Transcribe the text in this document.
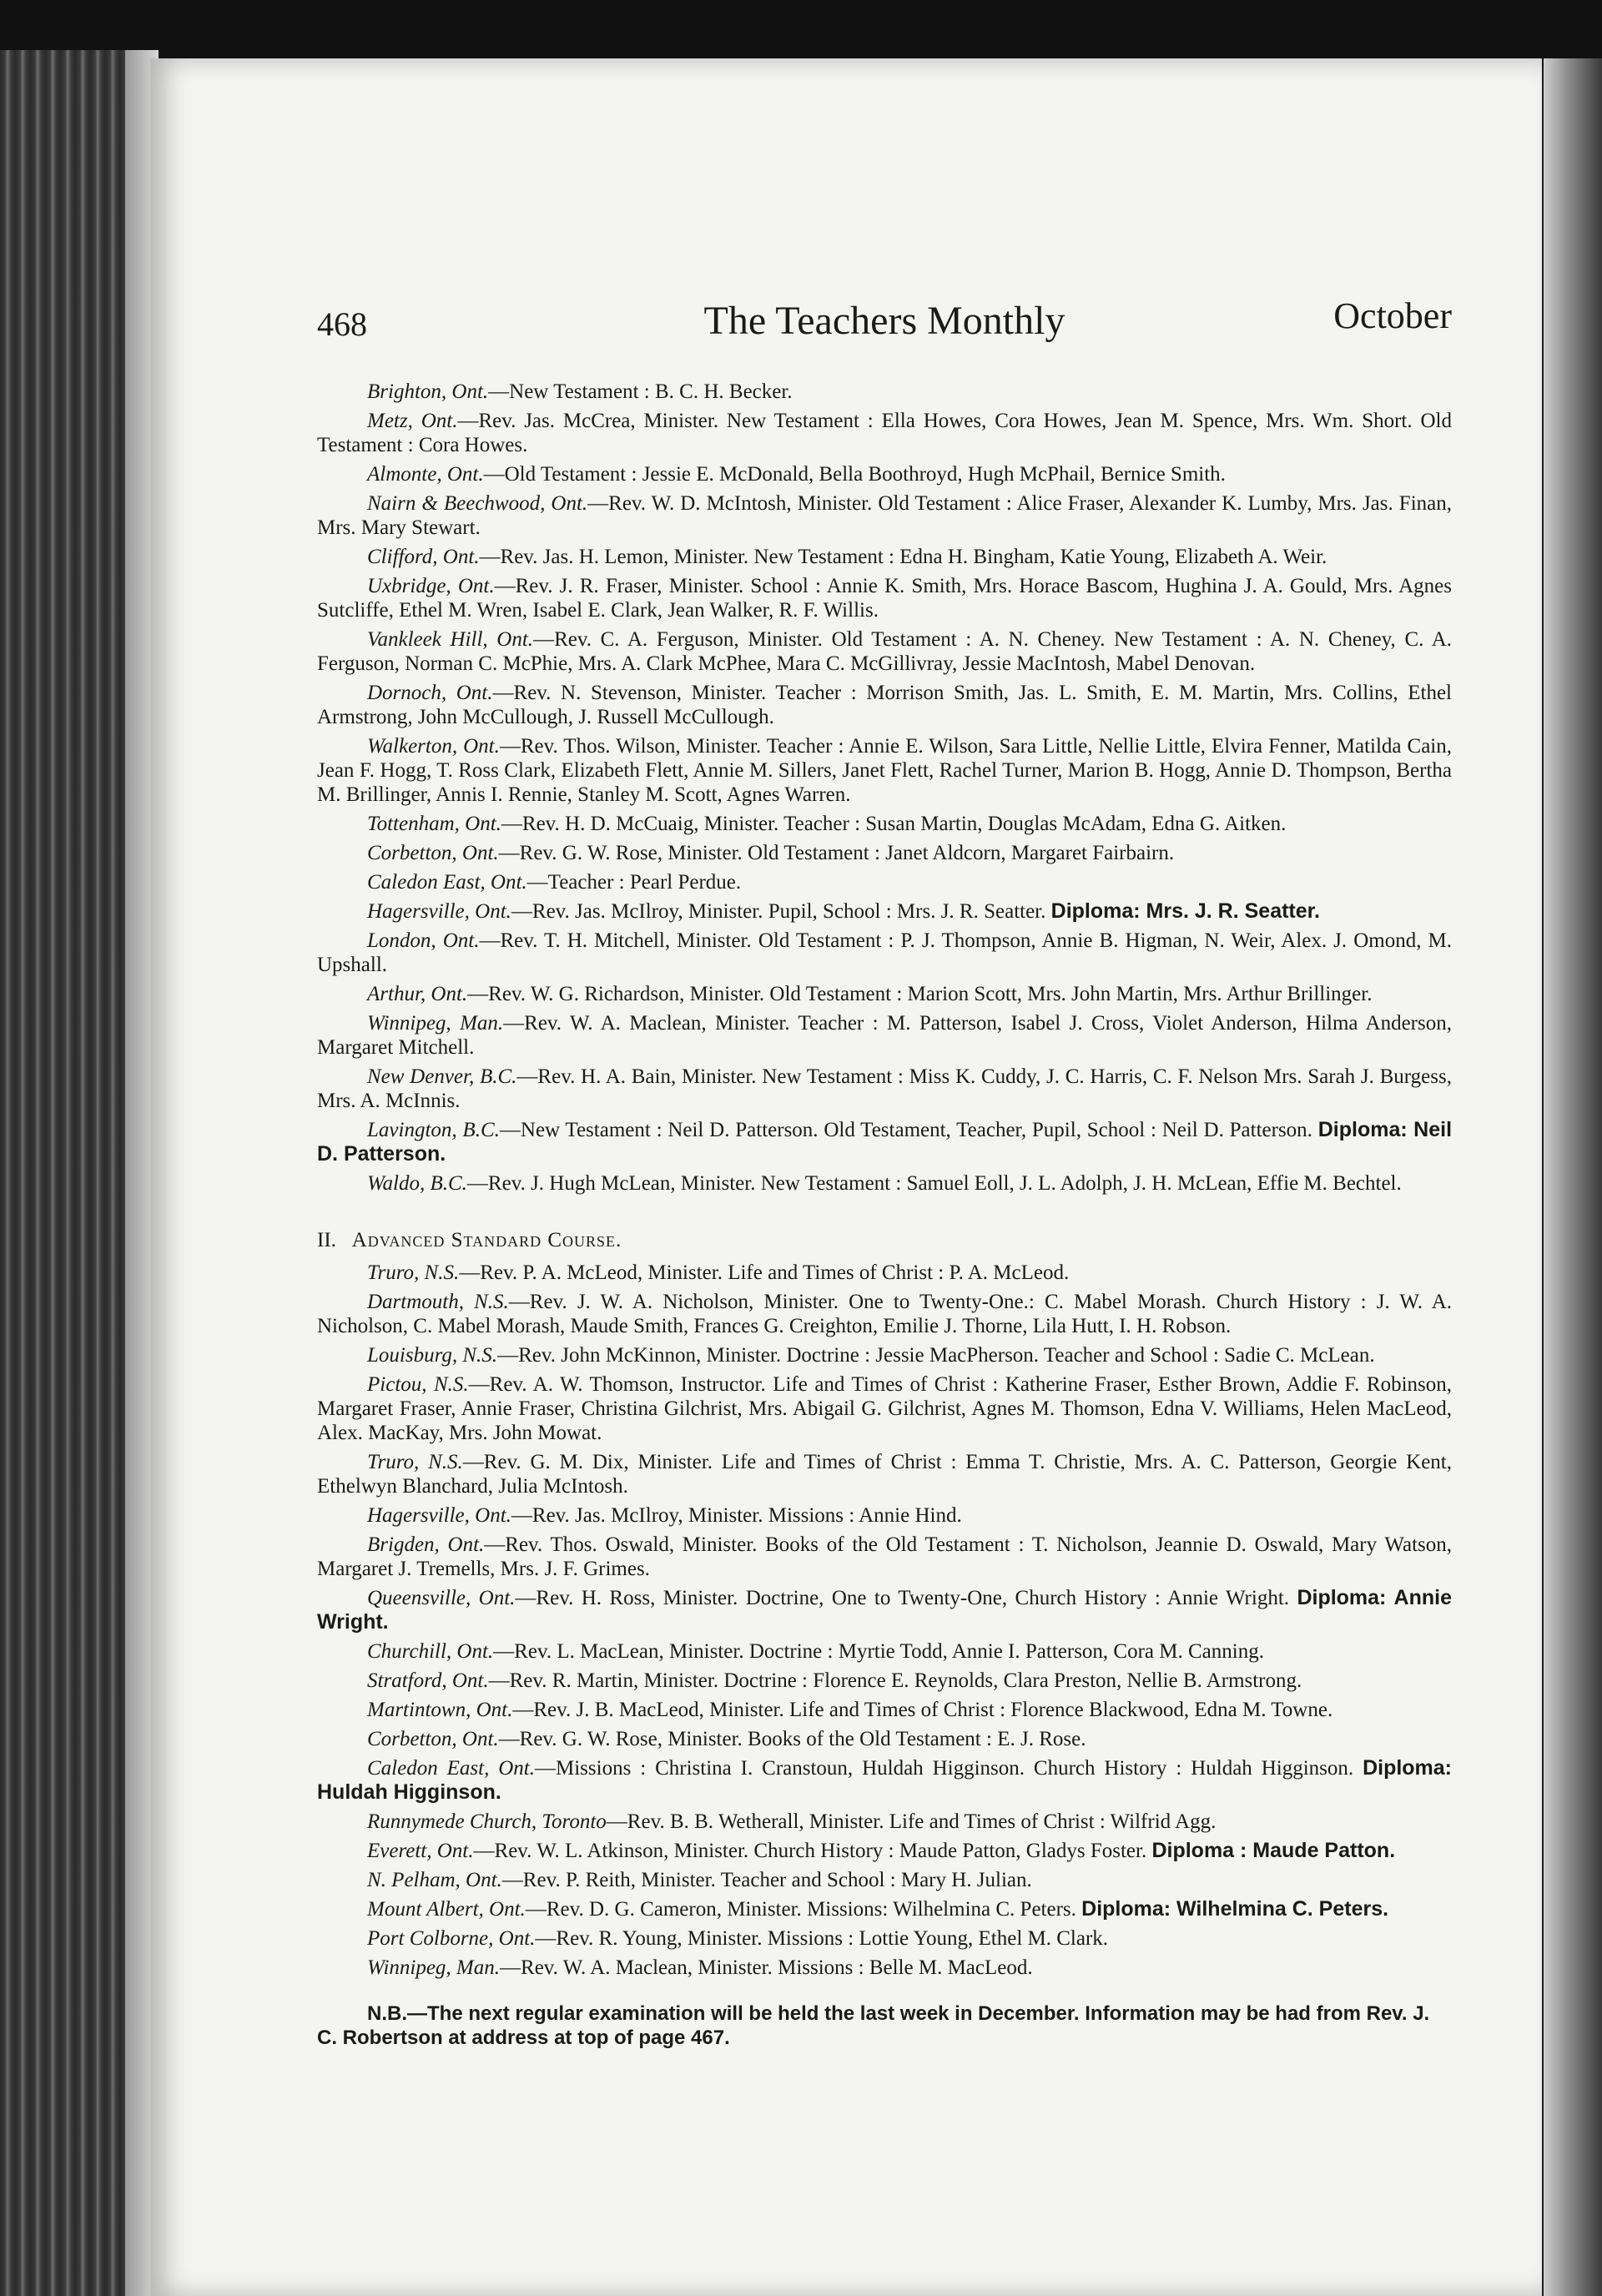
468	The Teachers Monthly	October

Brighton, Ont.—New Testament : B. C. H. Becker.

Metz, Ont.—Rev. Jas. McCrea, Minister. New Testament : Ella Howes, Cora Howes, Jean M. Spence, Mrs. Wm. Short. Old Testament : Cora Howes.

Almonte, Ont.—Old Testament : Jessie E. McDonald, Bella Boothroyd, Hugh McPhail, Bernice Smith.

Nairn & Beechwood, Ont.—Rev. W. D. McIntosh, Minister. Old Testament : Alice Fraser, Alexander K. Lumby, Mrs. Jas. Finan, Mrs. Mary Stewart.

Clifford, Ont.—Rev. Jas. H. Lemon, Minister. New Testament : Edna H. Bingham, Katie Young, Elizabeth A. Weir.

Uxbridge, Ont.—Rev. J. R. Fraser, Minister. School : Annie K. Smith, Mrs. Horace Bascom, Hughina J. A. Gould, Mrs. Agnes Sutcliffe, Ethel M. Wren, Isabel E. Clark, Jean Walker, R. F. Willis.

Vankleek Hill, Ont.—Rev. C. A. Ferguson, Minister. Old Testament : A. N. Cheney. New Testament : A. N. Cheney, C. A. Ferguson, Norman C. McPhie, Mrs. A. Clark McPhee, Mara C. McGillivray, Jessie MacIntosh, Mabel Denovan.

Dornoch, Ont.—Rev. N. Stevenson, Minister. Teacher : Morrison Smith, Jas. L. Smith, E. M. Martin, Mrs. Collins, Ethel Armstrong, John McCullough, J. Russell McCullough.

Walkerton, Ont.—Rev. Thos. Wilson, Minister. Teacher : Annie E. Wilson, Sara Little, Nellie Little, Elvira Fenner, Matilda Cain, Jean F. Hogg, T. Ross Clark, Elizabeth Flett, Annie M. Sillers, Janet Flett, Rachel Turner, Marion B. Hogg, Annie D. Thompson, Bertha M. Brillinger, Annis I. Rennie, Stanley M. Scott, Agnes Warren.

Tottenham, Ont.—Rev. H. D. McCuaig, Minister. Teacher : Susan Martin, Douglas McAdam, Edna G. Aitken.

Corbetton, Ont.—Rev. G. W. Rose, Minister. Old Testament : Janet Aldcorn, Margaret Fairbairn.

Caledon East, Ont.—Teacher : Pearl Perdue.

Hagersville, Ont.—Rev. Jas. McIlroy, Minister. Pupil, School : Mrs. J. R. Seatter. Diploma: Mrs. J. R. Seatter.

London, Ont.—Rev. T. H. Mitchell, Minister. Old Testament : P. J. Thompson, Annie B. Higman, N. Weir, Alex. J. Omond, M. Upshall.

Arthur, Ont.—Rev. W. G. Richardson, Minister. Old Testament : Marion Scott, Mrs. John Martin, Mrs. Arthur Brillinger.

Winnipeg, Man.—Rev. W. A. Maclean, Minister. Teacher : M. Patterson, Isabel J. Cross, Violet Anderson, Hilma Anderson, Margaret Mitchell.

New Denver, B.C.—Rev. H. A. Bain, Minister. New Testament : Miss K. Cuddy, J. C. Harris, C. F. Nelson Mrs. Sarah J. Burgess, Mrs. A. McInnis.

Lavington, B.C.—New Testament : Neil D. Patterson. Old Testament, Teacher, Pupil, School : Neil D. Patterson. Diploma: Neil D. Patterson.

Waldo, B.C.—Rev. J. Hugh McLean, Minister. New Testament : Samuel Eoll, J. L. Adolph, J. H. McLean, Effie M. Bechtel.

II. Advanced Standard Course.

Truro, N.S.—Rev. P. A. McLeod, Minister. Life and Times of Christ : P. A. McLeod.

Dartmouth, N.S.—Rev. J. W. A. Nicholson, Minister. One to Twenty-One.: C. Mabel Morash. Church History : J. W. A. Nicholson, C. Mabel Morash, Maude Smith, Frances G. Creighton, Emilie J. Thorne, Lila Hutt, I. H. Robson.

Louisburg, N.S.—Rev. John McKinnon, Minister. Doctrine : Jessie MacPherson. Teacher and School : Sadie C. McLean.

Pictou, N.S.—Rev. A. W. Thomson, Instructor. Life and Times of Christ : Katherine Fraser, Esther Brown, Addie F. Robinson, Margaret Fraser, Annie Fraser, Christina Gilchrist, Mrs. Abigail G. Gilchrist, Agnes M. Thomson, Edna V. Williams, Helen MacLeod, Alex. MacKay, Mrs. John Mowat.

Truro, N.S.—Rev. G. M. Dix, Minister. Life and Times of Christ : Emma T. Christie, Mrs. A. C. Patterson, Georgie Kent, Ethelwyn Blanchard, Julia McIntosh.

Hagersville, Ont.—Rev. Jas. McIlroy, Minister. Missions : Annie Hind.

Brigden, Ont.—Rev. Thos. Oswald, Minister. Books of the Old Testament : T. Nicholson, Jeannie D. Oswald, Mary Watson, Margaret J. Tremells, Mrs. J. F. Grimes.

Queensville, Ont.—Rev. H. Ross, Minister. Doctrine, One to Twenty-One, Church History : Annie Wright. Diploma: Annie Wright.

Churchill, Ont.—Rev. L. MacLean, Minister. Doctrine : Myrtie Todd, Annie I. Patterson, Cora M. Canning.

Stratford, Ont.—Rev. R. Martin, Minister. Doctrine : Florence E. Reynolds, Clara Preston, Nellie B. Armstrong.

Martintown, Ont.—Rev. J. B. MacLeod, Minister. Life and Times of Christ : Florence Blackwood, Edna M. Towne.

Corbetton, Ont.—Rev. G. W. Rose, Minister. Books of the Old Testament : E. J. Rose.

Caledon East, Ont.—Missions : Christina I. Cranstoun, Huldah Higginson. Church History : Huldah Higginson. Diploma: Huldah Higginson.

Runnymede Church, Toronto—Rev. B. B. Wetherall, Minister. Life and Times of Christ : Wilfrid Agg.

Everett, Ont.—Rev. W. L. Atkinson, Minister. Church History : Maude Patton, Gladys Foster. Diploma : Maude Patton.

N. Pelham, Ont.—Rev. P. Reith, Minister. Teacher and School : Mary H. Julian.

Mount Albert, Ont.—Rev. D. G. Cameron, Minister. Missions: Wilhelmina C. Peters. Diploma: Wilhelmina C. Peters.

Port Colborne, Ont.—Rev. R. Young, Minister. Missions : Lottie Young, Ethel M. Clark.

Winnipeg, Man.—Rev. W. A. Maclean, Minister. Missions : Belle M. MacLeod.

N.B.—The next regular examination will be held the last week in December. Information may be had from Rev. J. C. Robertson at address at top of page 467.
